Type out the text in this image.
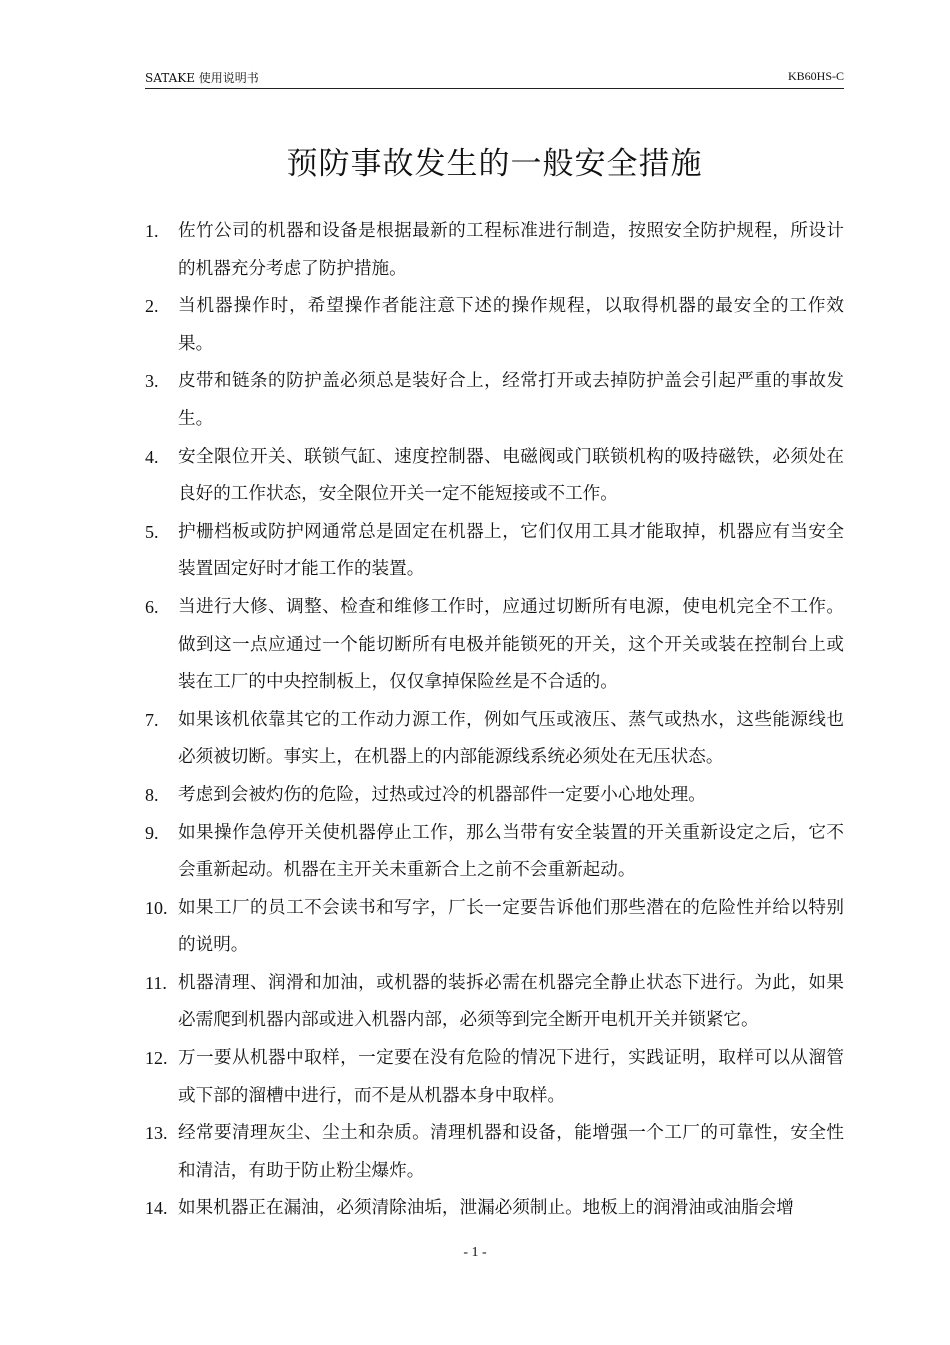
SATAKE 使用说明书	KB60HS-C
预防事故发生的一般安全措施
1. 佐竹公司的机器和设备是根据最新的工程标准进行制造，按照安全防护规程，所设计的机器充分考虑了防护措施。
2. 当机器操作时，希望操作者能注意下述的操作规程，以取得机器的最安全的工作效果。
3. 皮带和链条的防护盖必须总是装好合上，经常打开或去掉防护盖会引起严重的事故发生。
4. 安全限位开关、联锁气缸、速度控制器、电磁阀或门联锁机构的吸持磁铁，必须处在良好的工作状态，安全限位开关一定不能短接或不工作。
5. 护栅档板或防护网通常总是固定在机器上，它们仅用工具才能取掉，机器应有当安全装置固定好时才能工作的装置。
6. 当进行大修、调整、检查和维修工作时，应通过切断所有电源，使电机完全不工作。做到这一点应通过一个能切断所有电极并能锁死的开关，这个开关或装在控制台上或装在工厂的中央控制板上，仅仅拿掉保险丝是不合适的。
7. 如果该机依靠其它的工作动力源工作，例如气压或液压、蒸气或热水，这些能源线也必须被切断。事实上，在机器上的内部能源线系统必须处在无压状态。
8. 考虑到会被灼伤的危险，过热或过冷的机器部件一定要小心地处理。
9. 如果操作急停开关使机器停止工作，那么当带有安全装置的开关重新设定之后，它不会重新起动。机器在主开关未重新合上之前不会重新起动。
10. 如果工厂的员工不会读书和写字，厂长一定要告诉他们那些潜在的危险性并给以特别的说明。
11. 机器清理、润滑和加油，或机器的装拆必需在机器完全静止状态下进行。为此，如果必需爬到机器内部或进入机器内部，必须等到完全断开电机开关并锁紧它。
12. 万一要从机器中取样，一定要在没有危险的情况下进行，实践证明，取样可以从溜管或下部的溜槽中进行，而不是从机器本身中取样。
13. 经常要清理灰尘、尘土和杂质。清理机器和设备，能增强一个工厂的可靠性，安全性和清洁，有助于防止粉尘爆炸。
14. 如果机器正在漏油，必须清除油垢，泄漏必须制止。地板上的润滑油或油脂会增
- 1 -
